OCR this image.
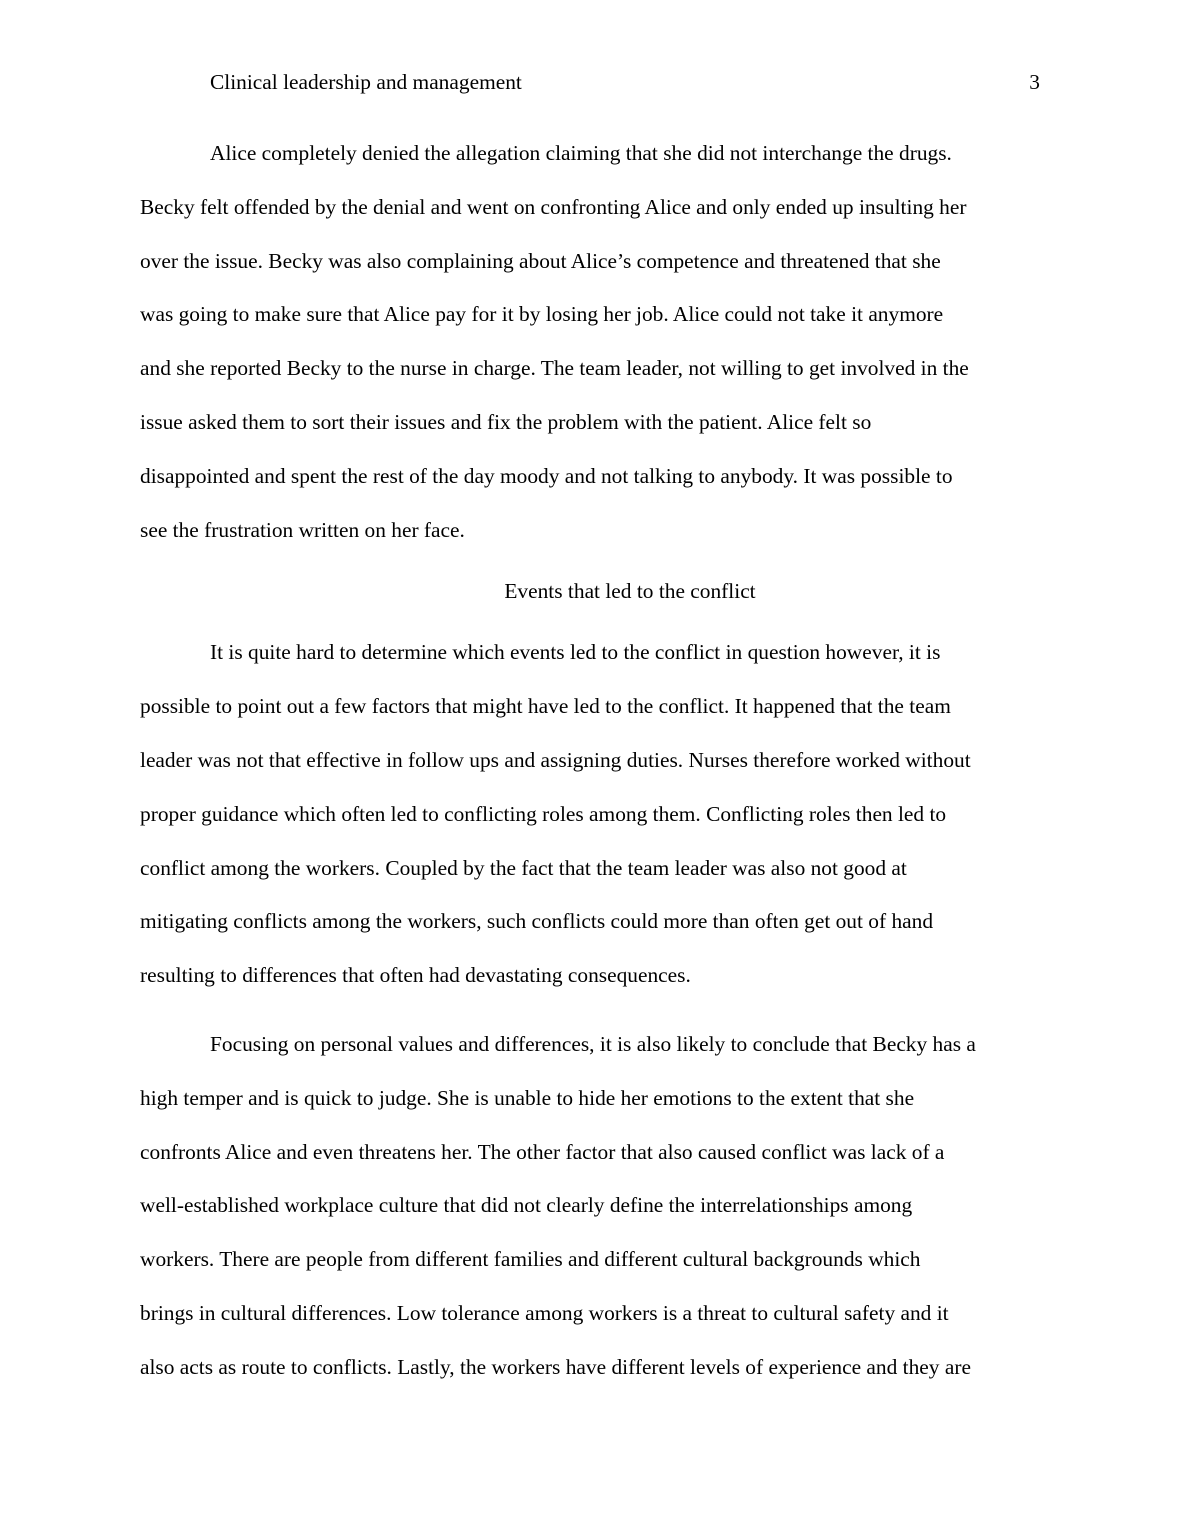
Clinical leadership and management	3
Alice completely denied the allegation claiming that she did not interchange the drugs.
Becky felt offended by the denial and went on confronting Alice and only ended up insulting her
over the issue. Becky was also complaining about Alice’s competence and threatened that she
was going to make sure that Alice pay for it by losing her job. Alice could not take it anymore
and she reported Becky to the nurse in charge. The team leader, not willing to get involved in the
issue asked them to sort their issues and fix the problem with the patient. Alice felt so
disappointed and spent the rest of the day moody and not talking to anybody. It was possible to
see the frustration written on her face.
Events that led to the conflict
It is quite hard to determine which events led to the conflict in question however, it is
possible to point out a few factors that might have led to the conflict. It happened that the team
leader was not that effective in follow ups and assigning duties. Nurses therefore worked without
proper guidance which often led to conflicting roles among them. Conflicting roles then led to
conflict among the workers. Coupled by the fact that the team leader was also not good at
mitigating conflicts among the workers, such conflicts could more than often get out of hand
resulting to differences that often had devastating consequences.
Focusing on personal values and differences, it is also likely to conclude that Becky has a
high temper and is quick to judge. She is unable to hide her emotions to the extent that she
confronts Alice and even threatens her. The other factor that also caused conflict was lack of a
well-established workplace culture that did not clearly define the interrelationships among
workers. There are people from different families and different cultural backgrounds which
brings in cultural differences. Low tolerance among workers is a threat to cultural safety and it
also acts as route to conflicts. Lastly, the workers have different levels of experience and they are
